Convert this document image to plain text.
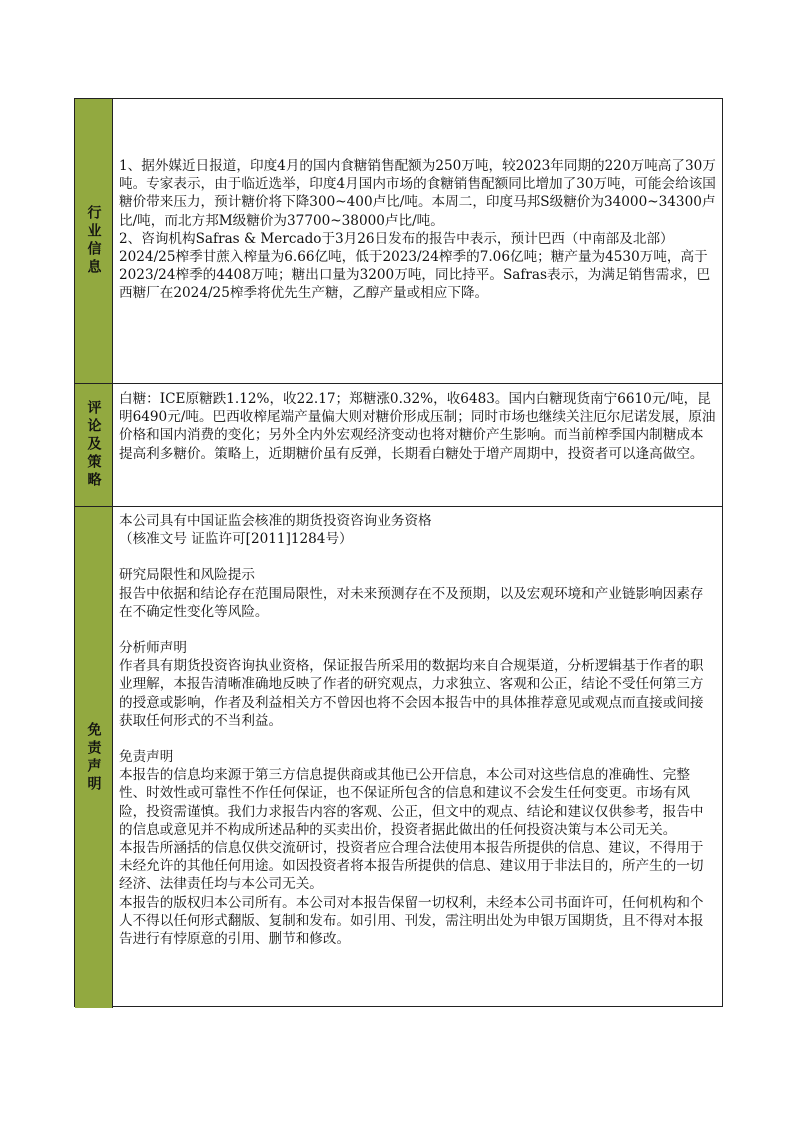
行业信息

1、据外媒近日报道，印度4月的国内食糖销售配额为250万吨，较2023年同期的220万吨高了30万吨。专家表示，由于临近选举，印度4月国内市场的食糖销售配额同比增加了30万吨，可能会给该国糖价带来压力，预计糖价将下降300~400卢比/吨。本周二，印度马邦S级糖价为34000~34300卢比/吨，而北方邦M级糖价为37700~38000卢比/吨。

2、咨询机构Safras & Mercado于3月26日发布的报告中表示，预计巴西（中南部及北部）2024/25榨季甘蔗入榨量为6.66亿吨，低于2023/24榨季的7.06亿吨；糖产量为4530万吨，高于2023/24榨季的4408万吨；糖出口量为3200万吨，同比持平。Safras表示，为满足销售需求，巴西糖厂在2024/25榨季将优先生产糖，乙醇产量或相应下降。

评论及策略

白糖：ICE原糖跌1.12%，收22.17；郑糖涨0.32%，收6483。国内白糖现货南宁6610元/吨，昆明6490元/吨。巴西收榨尾端产量偏大则对糖价形成压制；同时市场也继续关注厄尔尼诺发展，原油价格和国内消费的变化；另外全内外宏观经济变动也将对糖价产生影响。而当前榨季国内制糖成本提高利多糖价。策略上，近期糖价虽有反弹，长期看白糖处于增产周期中，投资者可以逢高做空。

免责声明

本公司具有中国证监会核准的期货投资咨询业务资格

（核准文号 证监许可[2011]1284号）

研究局限性和风险提示

报告中依据和结论存在范围局限性，对未来预测存在不及预期，以及宏观环境和产业链影响因素存在不确定性变化等风险。

分析师声明

作者具有期货投资咨询执业资格，保证报告所采用的数据均来自合规渠道，分析逻辑基于作者的职业理解，本报告清晰准确地反映了作者的研究观点，力求独立、客观和公正，结论不受任何第三方的授意或影响，作者及利益相关方不曾因也将不会因本报告中的具体推荐意见或观点而直接或间接获取任何形式的不当利益。

免责声明

本报告的信息均来源于第三方信息提供商或其他已公开信息，本公司对这些信息的准确性、完整性、时效性或可靠性不作任何保证，也不保证所包含的信息和建议不会发生任何变更。市场有风险，投资需谨慎。我们力求报告内容的客观、公正，但文中的观点、结论和建议仅供参考，报告中的信息或意见并不构成所述品种的买卖出价，投资者据此做出的任何投资决策与本公司无关。

本报告所涵括的信息仅供交流研讨，投资者应合理合法使用本报告所提供的信息、建议，不得用于未经允许的其他任何用途。如因投资者将本报告所提供的信息、建议用于非法目的，所产生的一切经济、法律责任均与本公司无关。

本报告的版权归本公司所有。本公司对本报告保留一切权利，未经本公司书面许可，任何机构和个人不得以任何形式翻版、复制和发布。如引用、刊发，需注明出处为申银万国期货，且不得对本报告进行有悖原意的引用、删节和修改。
